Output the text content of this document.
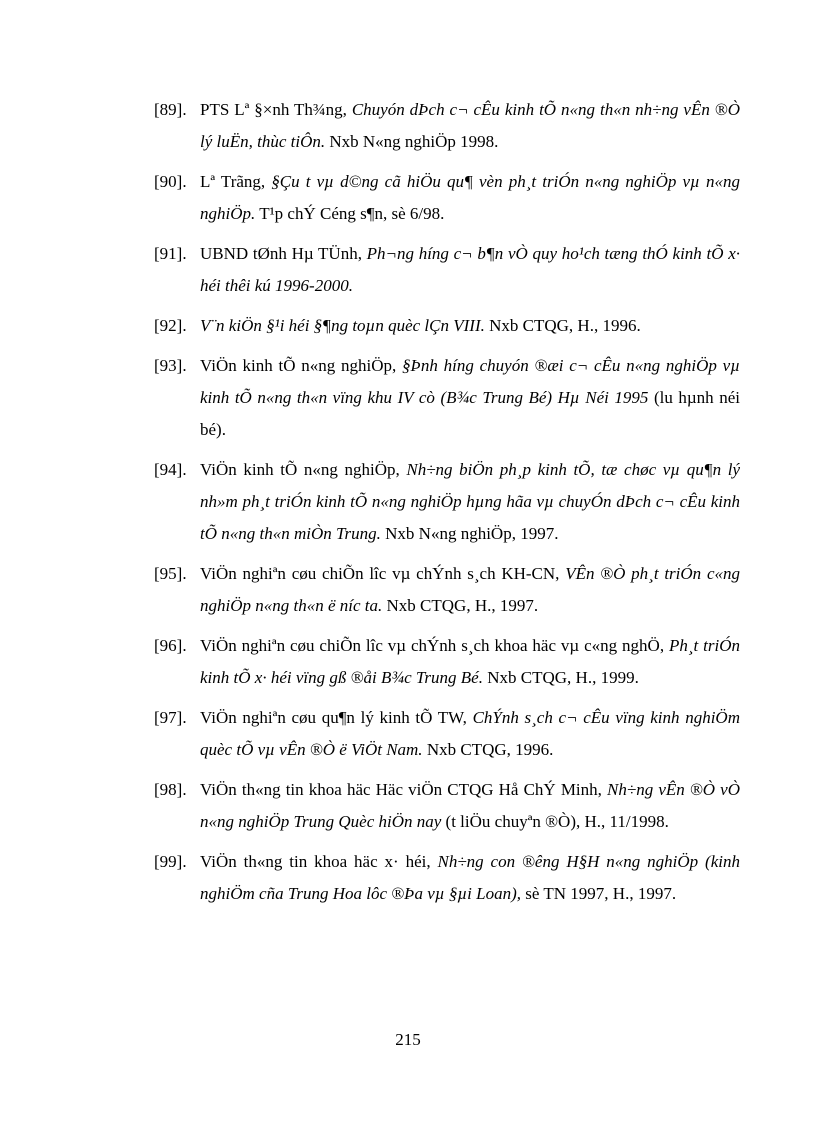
[89]. PTS Lª §×nh Th¾ng, Chuyón dÞch c¬ cÊu kinh tÕ n«ng th«n nh÷ng vÊn ®Ò lý luËn, thùc tiÔn. Nxb N«ng nghiÖp 1998.
[90]. Lª Trãng, §Çu t vµ d©ng cã hiÖu qu¶ vèn ph¸t triÓn n«ng nghiÖp vµ n«ng nghiÖp. T¹p chÝ Céng s¶n, sè 6/98.
[91]. UBND tØnh Hµ TÜnh, Ph¬ng híng c¬ b¶n vÒ quy ho¹ch tæng thÓ kinh tÕ x· héi thêi kú 1996-2000.
[92]. V¨n kiÖn §¹i héi §¶ng toµn quèc lÇn VIII. Nxb CTQG, H., 1996.
[93]. ViÖn kinh tÕ n«ng nghiÖp, §Þnh híng chuyón ®æi c¬ cÊu n«ng nghiÖp vµ kinh tÕ n«ng th«n vïng khu IV cò (B¾c Trung Bé) Hµ Néi 1995 (lu hµnh néi bé).
[94]. ViÖn kinh tÕ n«ng nghiÖp, Nh÷ng biÖn ph¸p kinh tÕ, tæ chøc vµ qu¶n lý nh»m ph¸t triÓn kinh tÕ n«ng nghiÖp hµng hãa vµ chuyÓn dÞch c¬ cÊu kinh tÕ n«ng th«n miÒn Trung. Nxb N«ng nghiÖp, 1997.
[95]. ViÖn nghiªn cøu chiÕn lîc vµ chÝnh s¸ch KH-CN, VÊn ®Ò ph¸t triÓn c«ng nghiÖp n«ng th«n ë níc ta. Nxb CTQG, H., 1997.
[96]. ViÖn nghiªn cøu chiÕn lîc vµ chÝnh s¸ch khoa häc vµ c«ng nghÖ, Ph¸t triÓn kinh tÕ x· héi vïng gß ®åi B¾c Trung Bé. Nxb CTQG, H., 1999.
[97]. ViÖn nghiªn cøu qu¶n lý kinh tÕ TW, ChÝnh s¸ch c¬ cÊu vïng kinh nghiÖm quèc tÕ vµ vÊn ®Ò ë ViÖt Nam. Nxb CTQG, 1996.
[98]. ViÖn th«ng tin khoa häc Häc viÖn CTQG Hå ChÝ Minh, Nh÷ng vÊn ®Ò vÒ n«ng nghiÖp Trung Quèc hiÖn nay (t liÖu chuyªn ®Ò), H., 11/1998.
[99]. ViÖn th«ng tin khoa häc x· héi, Nh÷ng con ®êng H§H n«ng nghiÖp (kinh nghiÖm cña Trung Hoa lôc ®Þa vµ §µi Loan), sè TN 1997, H., 1997.
215
